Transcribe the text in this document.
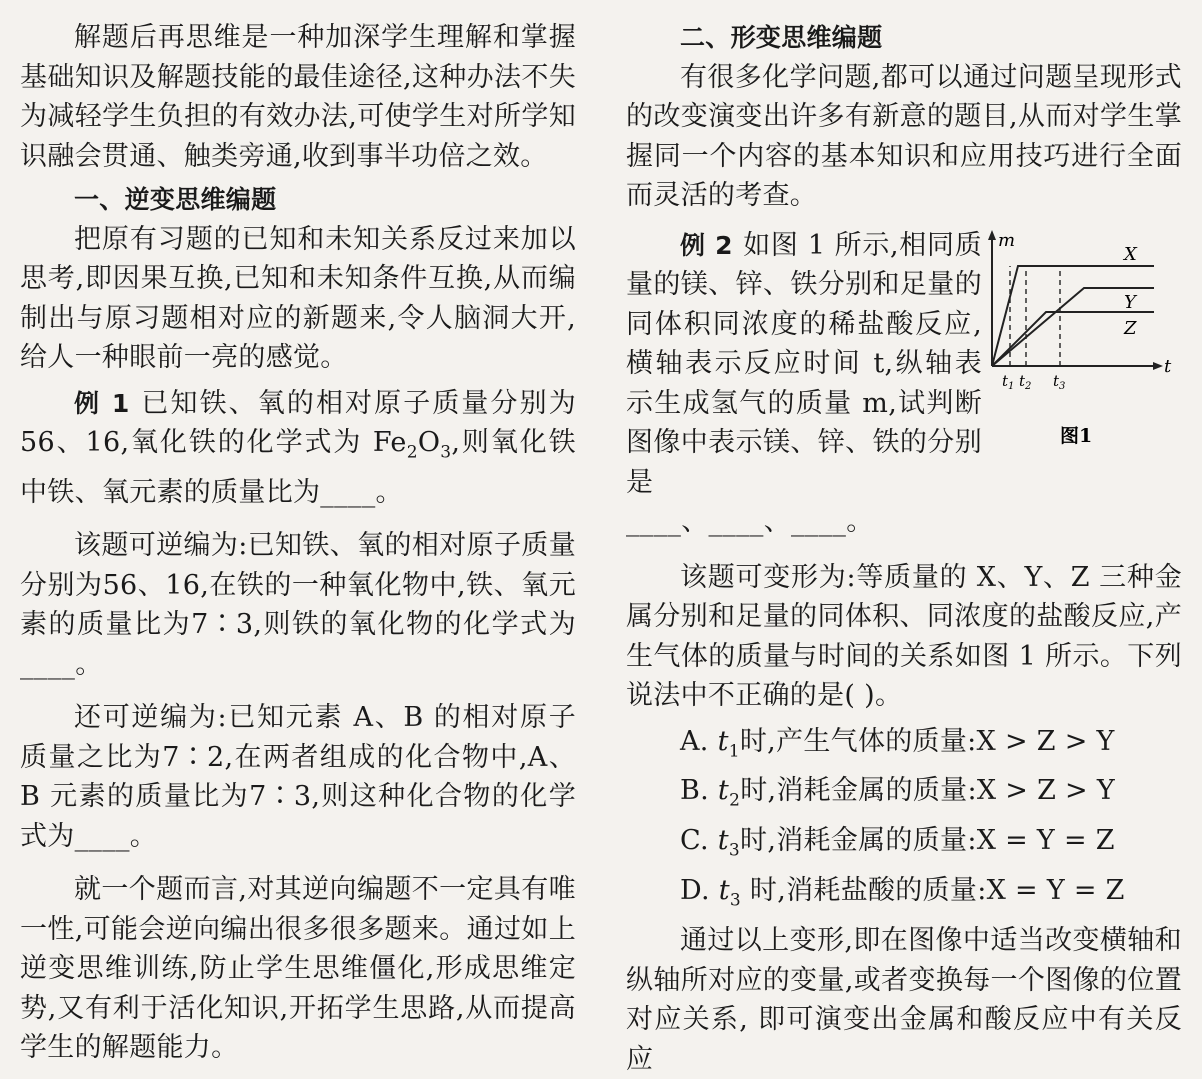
解题后再思维是一种加深学生理解和掌握基础知识及解题技能的最佳途径,这种办法不失为减轻学生负担的有效办法,可使学生对所学知识融会贯通、触类旁通,收到事半功倍之效。

一、逆变思维编题

把原有习题的已知和未知关系反过来加以思考,即因果互换,已知和未知条件互换,从而编制出与原习题相对应的新题来,令人脑洞大开,给人一种眼前一亮的感觉。

例 1 已知铁、氧的相对原子质量分别为 56、16,氧化铁的化学式为 $Fe_2O_3$,则氧化铁中铁、氧元素的质量比为____。

该题可逆编为:已知铁、氧的相对原子质量分别为56、16,在铁的一种氧化物中,铁、氧元素的质量比为7∶3,则铁的氧化物的化学式为____。

还可逆编为:已知元素 A、B 的相对原子质量之比为7∶2,在两者组成的化合物中,A、B 元素的质量比为7∶3,则这种化合物的化学式为____。

就一个题而言,对其逆向编题不一定具有唯一性,可能会逆向编出很多很多题来。通过如上逆变思维训练,防止学生思维僵化,形成思维定势,又有利于活化知识,开拓学生思路,从而提高学生的解题能力。

二、形变思维编题

有很多化学问题,都可以通过问题呈现形式的改变演变出许多有新意的题目,从而对学生掌握同一个内容的基本知识和应用技巧进行全面而灵活的考查。

例 2 如图 1 所示,相同质量的镁、锌、铁分别和足量的同体积同浓度的稀盐酸反应,横轴表示反应时间 t,纵轴表示生成氢气的质量 m,试判断图像中表示镁、锌、铁的分别是

____、____、____。

该题可变形为:等质量的 X、Y、Z 三种金属分别和足量的同体积、同浓度的盐酸反应,产生气体的质量与时间的关系如图 1 所示。下列说法中不正确的是( )。

A. $t_1$时,产生气体的质量:X > Z > Y

B. $t_2$时,消耗金属的质量:X > Z > Y

C. $t_3$时,消耗金属的质量:X = Y = Z

D. $t_3$ 时,消耗盐酸的质量:X = Y = Z

通过以上变形,即在图像中适当改变横轴和纵轴所对应的变量,或者变换每一个图像的位置对应关系, 即可演变出金属和酸反应中有关反应

m
t
X
Y
Z
$t_1$ $t_2$ $t_3$
图1
